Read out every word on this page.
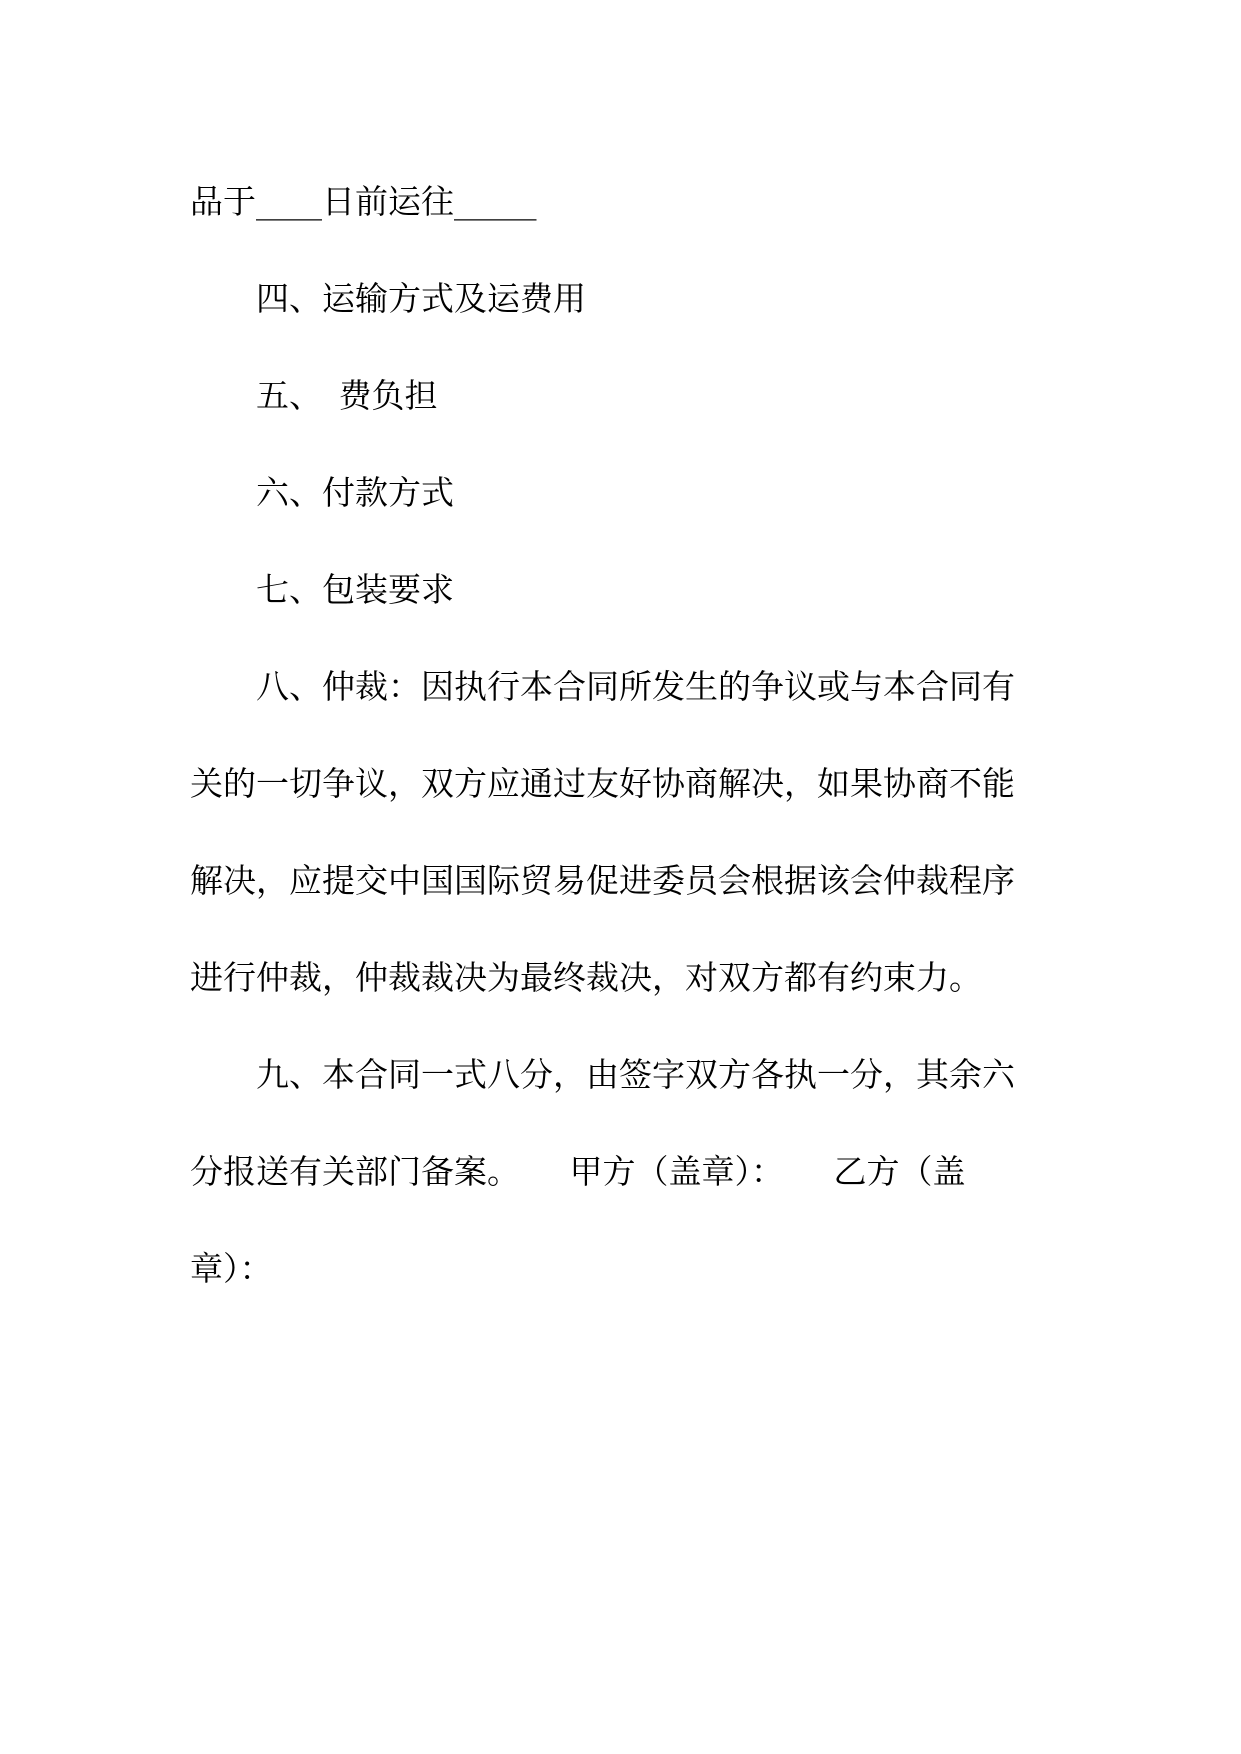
品于____日前运往_____
四、运输方式及运费用
五、　费负担
六、付款方式
七、包装要求
八、仲裁：因执行本合同所发生的争议或与本合同有
关的一切争议，双方应通过友好协商解决，如果协商不能
解决，应提交中国国际贸易促进委员会根据该会仲裁程序
进行仲裁，仲裁裁决为最终裁决，对双方都有约束力。
九、本合同一式八分，由签字双方各执一分，其余六
分报送有关部门备案。　　甲方（盖章）：　　乙方（盖
章）：
